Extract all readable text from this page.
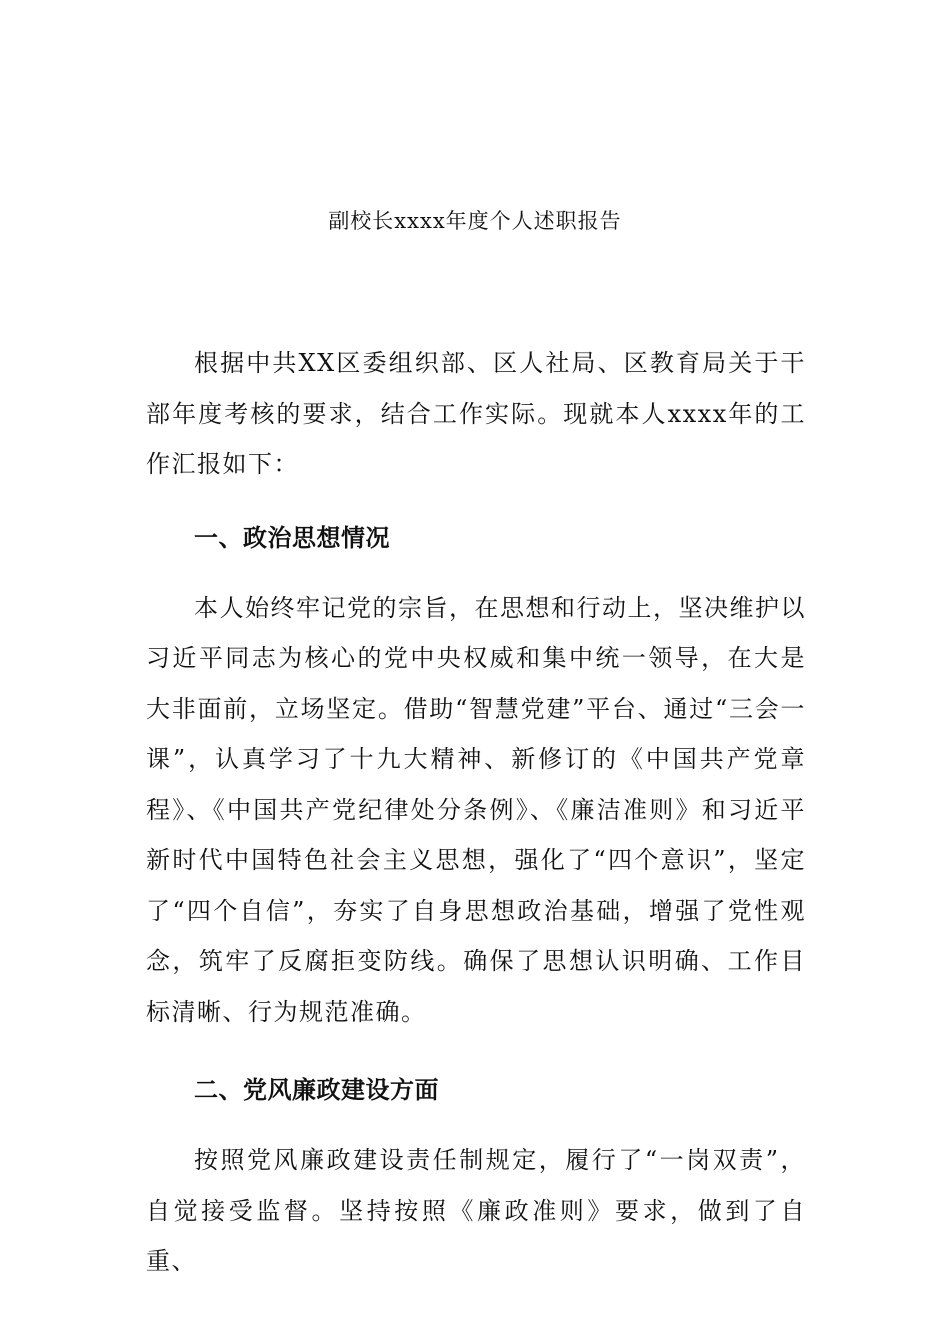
副校长xxxx年度个人述职报告

根据中共XX区委组织部、区人社局、区教育局关于干部年度考核的要求，结合工作实际。现就本人xxxx年的工作汇报如下：

一、政治思想情况

本人始终牢记党的宗旨，在思想和行动上，坚决维护以习近平同志为核心的党中央权威和集中统一领导，在大是大非面前，立场坚定。借助“智慧党建”平台、通过“三会一课”，认真学习了十九大精神、新修订的《中国共产党章程》、《中国共产党纪律处分条例》、《廉洁准则》和习近平新时代中国特色社会主义思想，强化了“四个意识”，坚定了“四个自信”，夯实了自身思想政治基础，增强了党性观念，筑牢了反腐拒变防线。确保了思想认识明确、工作目标清晰、行为规范准确。

二、党风廉政建设方面

按照党风廉政建设责任制规定，履行了“一岗双责”，自觉接受监督。坚持按照《廉政准则》要求，做到了自重、
